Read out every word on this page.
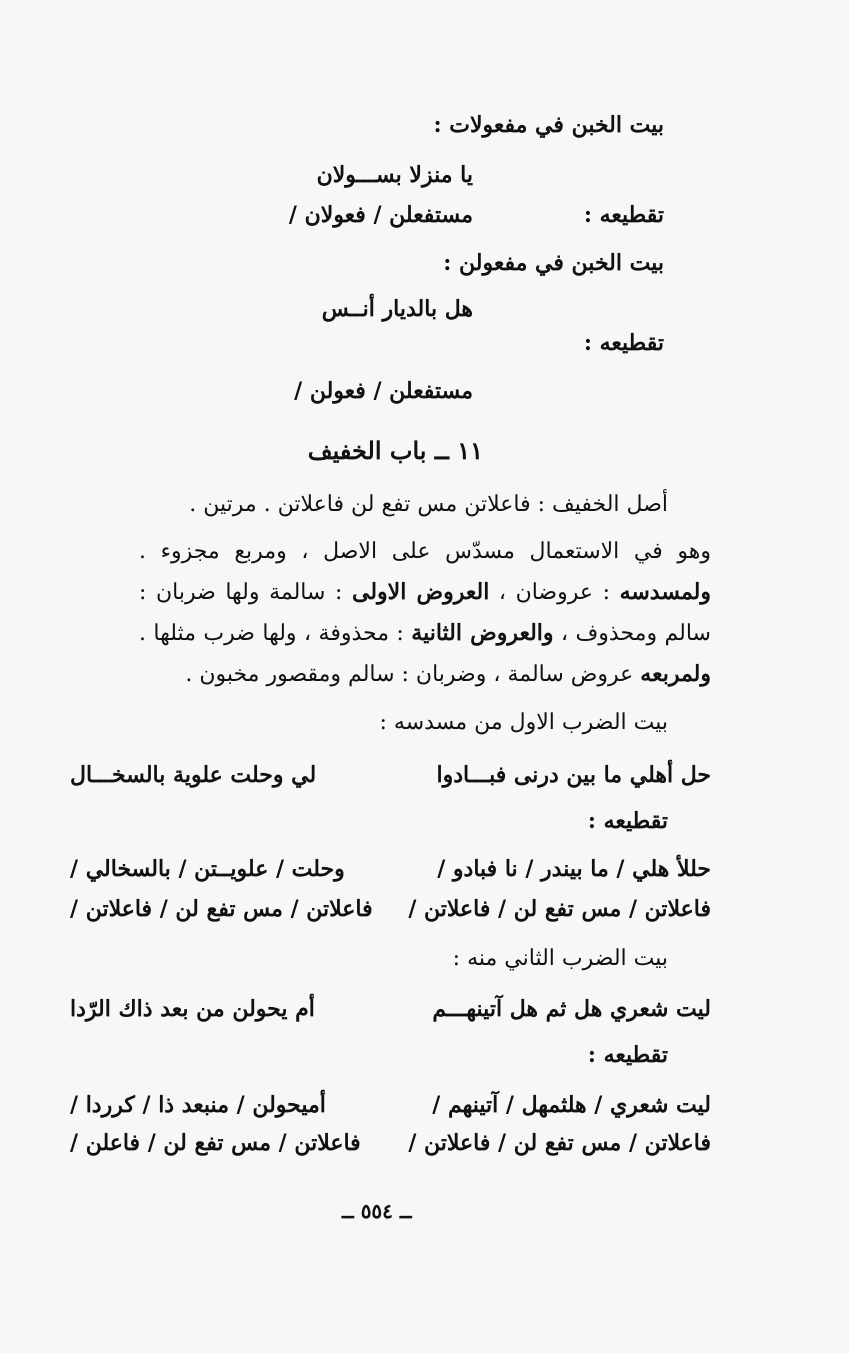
بيت الخبن في مفعولات :
يا منزلا بســـولان
تقطيعه :
مستفعلن / فعولان /
بيت الخبن في مفعولن :
هل بالديار أنــس
تقطيعه :
مستفعلن / فعولن /
١١ ــ باب الخفيف
أصل الخفيف : فاعلاتن مس تفع لن فاعلاتن . مرتين .
وهو في الاستعمال مسدّس على الاصل ، ومربع مجزوء . ولمسدسه : عروضان ، العروض الاولى : سالمة ولها ضربان : سالم ومحذوف ، والعروض الثانية : محذوفة ، ولها ضرب مثلها . ولمربعه عروض سالمة ، وضربان : سالم ومقصور مخبون .
بيت الضرب الاول من مسدسه :
حل أهلي ما بين درنى فبـــادوا
لي وحلت علوية بالسخـــال
تقطيعه :
حللأ هلي / ما بيندر / نا فبادو /
وحلت / علويــتن / بالسخالي /
فاعلاتن / مس تفع لن / فاعلاتن /
فاعلاتن / مس تفع لن / فاعلاتن /
بيت الضرب الثاني منه :
ليت شعري هل ثم هل آتينهـــم
أم يحولن من بعد ذاك الرّدا
تقطيعه :
ليت شعري / هلثمهل / آتينهم /
أميحولن / منبعد ذا / كرردا /
فاعلاتن / مس تفع لن / فاعلاتن /
فاعلاتن / مس تفع لن / فاعلن /
ــ ٥٥٤ ــ
